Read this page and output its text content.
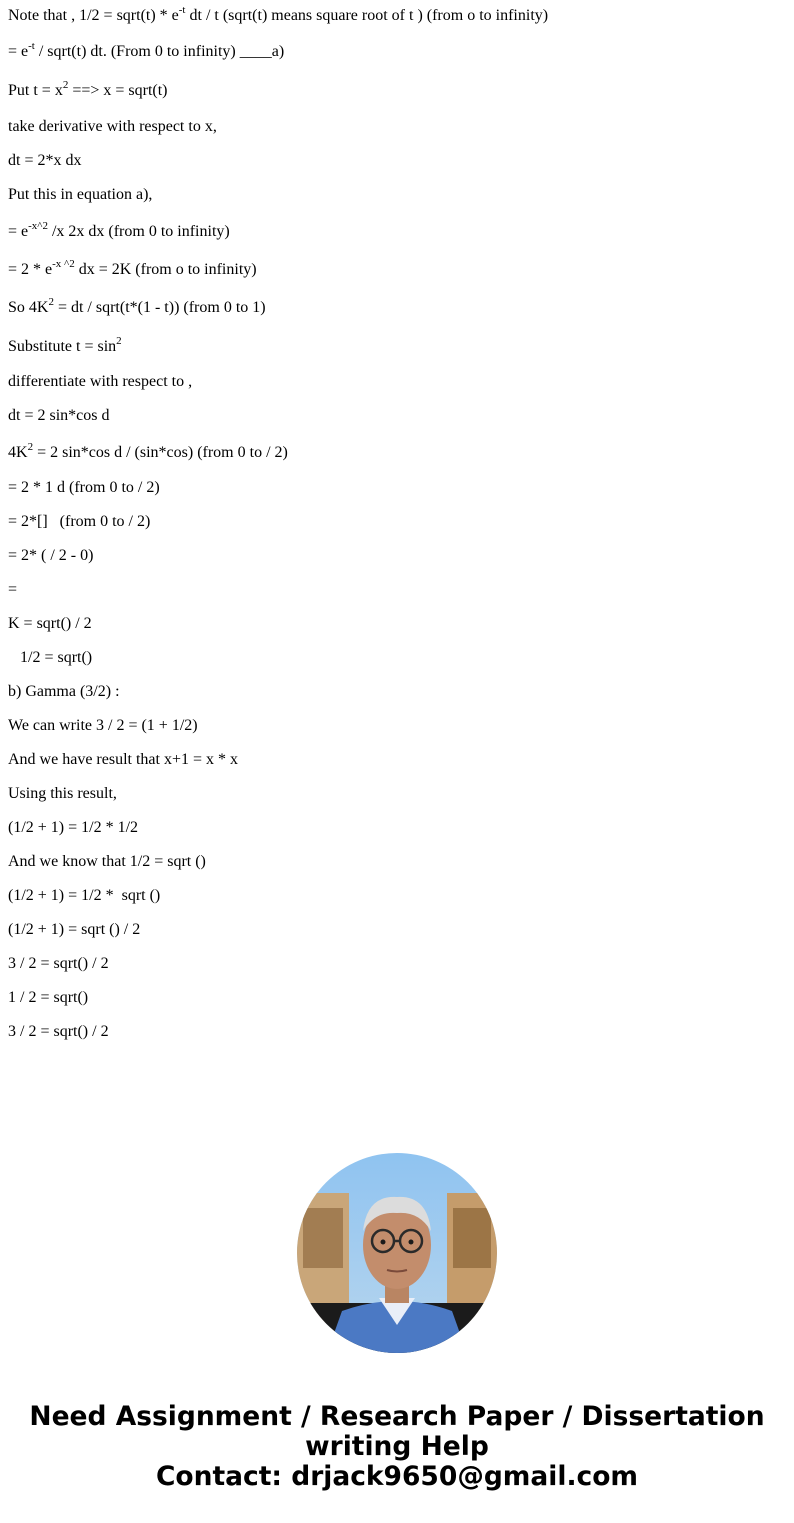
Note that , 1/2 = sqrt(t) * $e^{-t}$ dt / t (sqrt(t) means square root of t ) (from o to infinity)
= $e^{-t}$ / sqrt(t) dt. (From 0 to infinity) ____a)
Put $t = x^2$ ==> x = sqrt(t)
take derivative with respect to x,
dt = 2*x dx
Put this in equation a),
= $e^{-x\^{}2}$ /x 2x dx (from 0 to infinity)
= $2 * e^{-x \^{}2}$ dx = 2K (from o to infinity)
So $4K^2$ = dt / sqrt(t*(1 - t)) (from 0 to 1)
Substitute $t = \sin^2$
differentiate with respect to ,
dt = 2 sin*cos d
$4K^2 = 2$ sin*cos d / (sin*cos) (from 0 to / 2)
= 2 * 1 d (from 0 to / 2)
= 2*[]   (from 0 to / 2)
= 2* ( / 2 - 0)
=
K = sqrt() / 2
1/2 = sqrt()
b) Gamma (3/2) :
We can write 3 / 2 = (1 + 1/2)
And we have result that x+1 = x * x
Using this result,
(1/2 + 1) = 1/2 * 1/2
And we know that 1/2 = sqrt ()
(1/2 + 1) = 1/2 *  sqrt ()
(1/2 + 1) = sqrt () / 2
3 / 2 = sqrt() / 2
1 / 2 = sqrt()
3 / 2 = sqrt() / 2
Need Assignment / Research Paper / Dissertation
writing Help
Contact: drjack9650@gmail.com
